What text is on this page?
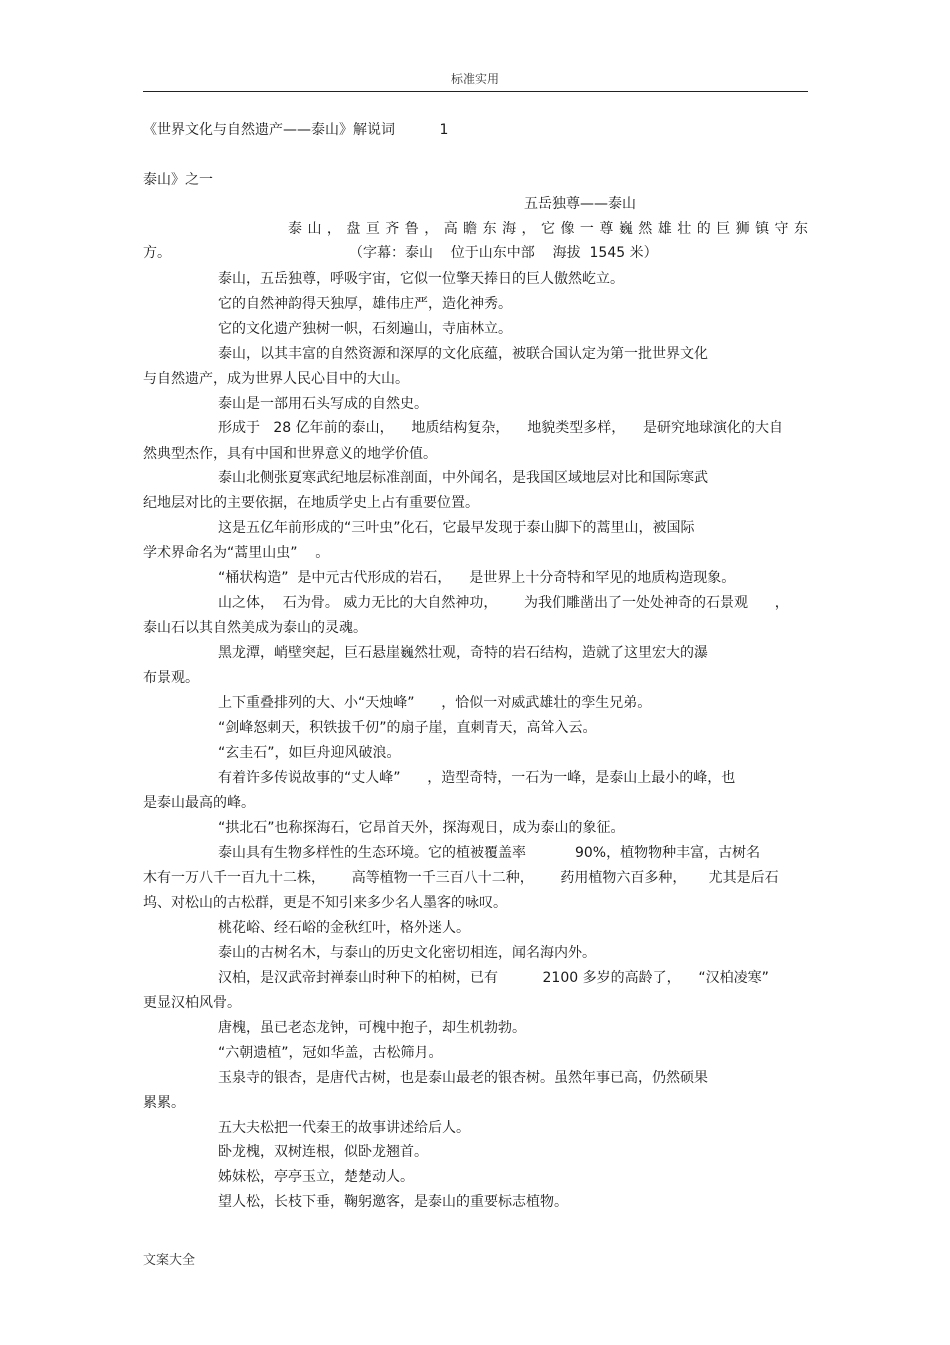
标准实用
《世界文化与自然遗产——泰山》解说词          1
泰山》之一
五岳独尊——泰山
泰山，盘亘齐鲁，高瞻东海，它像一尊巍然雄壮的巨狮镇守东
方。                                        （字幕：泰山    位于山东中部    海拔  1545 米）
泰山，五岳独尊，呼吸宇宙，它似一位擎天捧日的巨人傲然屹立。
它的自然神韵得天独厚，雄伟庄严，造化神秀。
它的文化遗产独树一帜，石刻遍山，寺庙林立。
泰山，以其丰富的自然资源和深厚的文化底蕴，被联合国认定为第一批世界文化
与自然遗产，成为世界人民心目中的大山。
泰山是一部用石头写成的自然史。
形成于   28 亿年前的泰山，    地质结构复杂，    地貌类型多样，    是研究地球演化的大自
然典型杰作，具有中国和世界意义的地学价值。
泰山北侧张夏寒武纪地层标准剖面，中外闻名，是我国区域地层对比和国际寒武
纪地层对比的主要依据，在地质学史上占有重要位置。
这是五亿年前形成的“三叶虫”化石，它最早发现于泰山脚下的蒿里山，被国际
学术界命名为“蒿里山虫”    。
“桶状构造”  是中元古代形成的岩石，    是世界上十分奇特和罕见的地质构造现象。
山之体，  石为骨。 威力无比的大自然神功，      为我们雕凿出了一处处神奇的石景观      ，
泰山石以其自然美成为泰山的灵魂。
黑龙潭，峭壁突起，巨石悬崖巍然壮观，奇特的岩石结构，造就了这里宏大的瀑
布景观。
上下重叠排列的大、小“天烛峰”      ，恰似一对威武雄壮的孪生兄弟。
“剑峰怒刺天，积铁拔千仞”的扇子崖，直刺青天，高耸入云。
“玄圭石”，如巨舟迎风破浪。
有着许多传说故事的“丈人峰”      ，造型奇特，一石为一峰，是泰山上最小的峰，也
是泰山最高的峰。
“拱北石”也称探海石，它昂首天外，探海观日，成为泰山的象征。
泰山具有生物多样性的生态环境。它的植被覆盖率           90%，植物物种丰富，古树名
木有一万八千一百九十二株，      高等植物一千三百八十二种，      药用植物六百多种，     尤其是后石
坞、对松山的古松群，更是不知引来多少名人墨客的咏叹。
桃花峪、经石峪的金秋红叶，格外迷人。
泰山的古树名木，与泰山的历史文化密切相连，闻名海内外。
汉柏，是汉武帝封禅泰山时种下的柏树，已有          2100 多岁的高龄了，    “汉柏凌寒”
更显汉柏风骨。
唐槐，虽已老态龙钟，可槐中抱子，却生机勃勃。
“六朝遗植”，冠如华盖，古松筛月。
玉泉寺的银杏，是唐代古树，也是泰山最老的银杏树。虽然年事已高，仍然硕果
累累。
五大夫松把一代秦王的故事讲述给后人。
卧龙槐，双树连根，似卧龙翘首。
姊妹松，亭亭玉立，楚楚动人。
望人松，长枝下垂，鞠躬邀客，是泰山的重要标志植物。
文案大全
